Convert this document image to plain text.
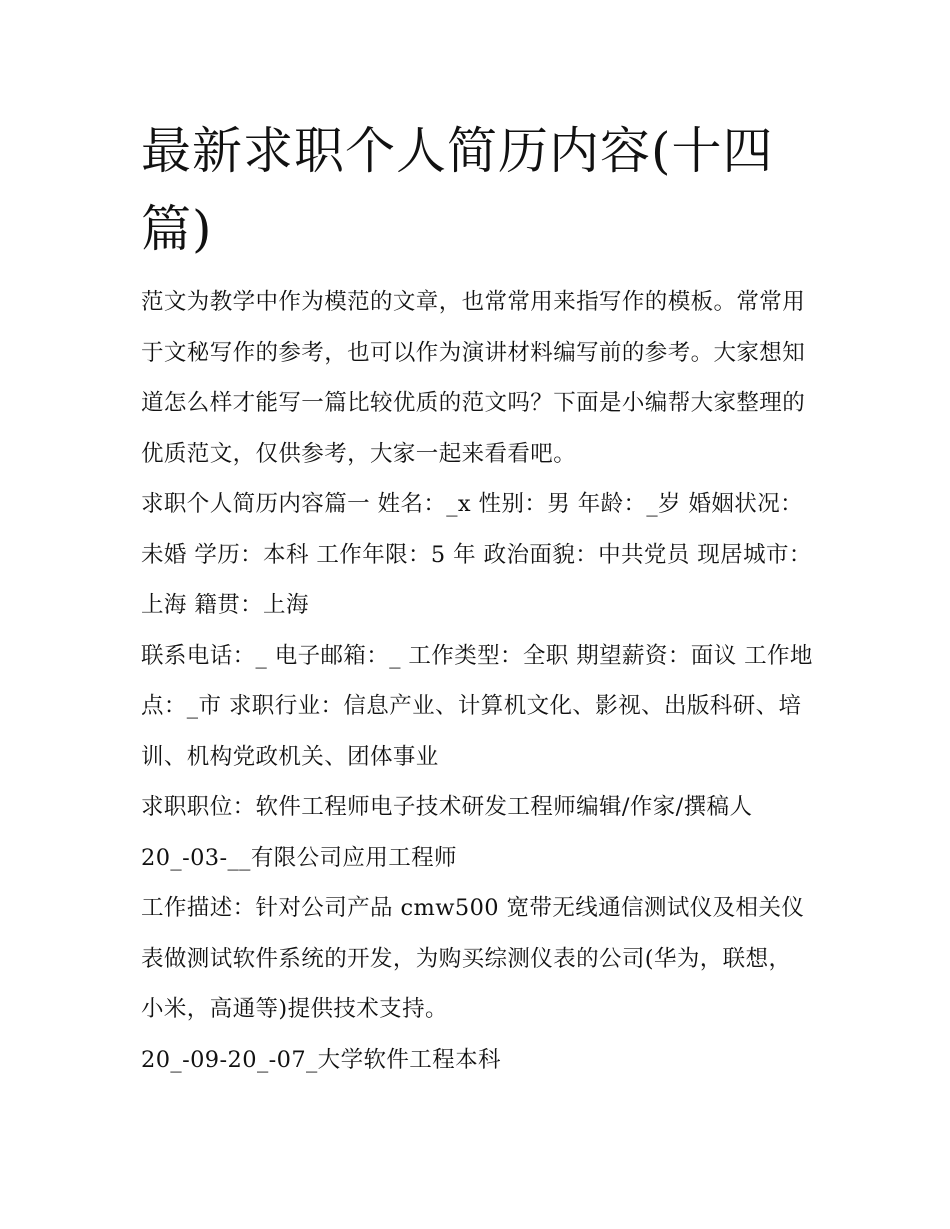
最新求职个人简历内容(十四篇)

范文为教学中作为模范的文章，也常常用来指写作的模板。常常用于文秘写作的参考，也可以作为演讲材料编写前的参考。大家想知道怎么样才能写一篇比较优质的范文吗？下面是小编帮大家整理的优质范文，仅供参考，大家一起来看看吧。

求职个人简历内容篇一 姓名：_x 性别：男 年龄：_岁 婚姻状况：未婚 学历：本科 工作年限：5 年 政治面貌：中共党员 现居城市：上海 籍贯：上海

联系电话：_ 电子邮箱：_ 工作类型：全职 期望薪资：面议 工作地点：_市 求职行业：信息产业、计算机文化、影视、出版科研、培训、机构党政机关、团体事业

求职职位：软件工程师电子技术研发工程师编辑/作家/撰稿人 20_-03-__有限公司应用工程师

工作描述：针对公司产品 cmw500 宽带无线通信测试仪及相关仪表做测试软件系统的开发，为购买综测仪表的公司(华为，联想，小米，高通等)提供技术支持。

20_-09-20_-07_大学软件工程本科
